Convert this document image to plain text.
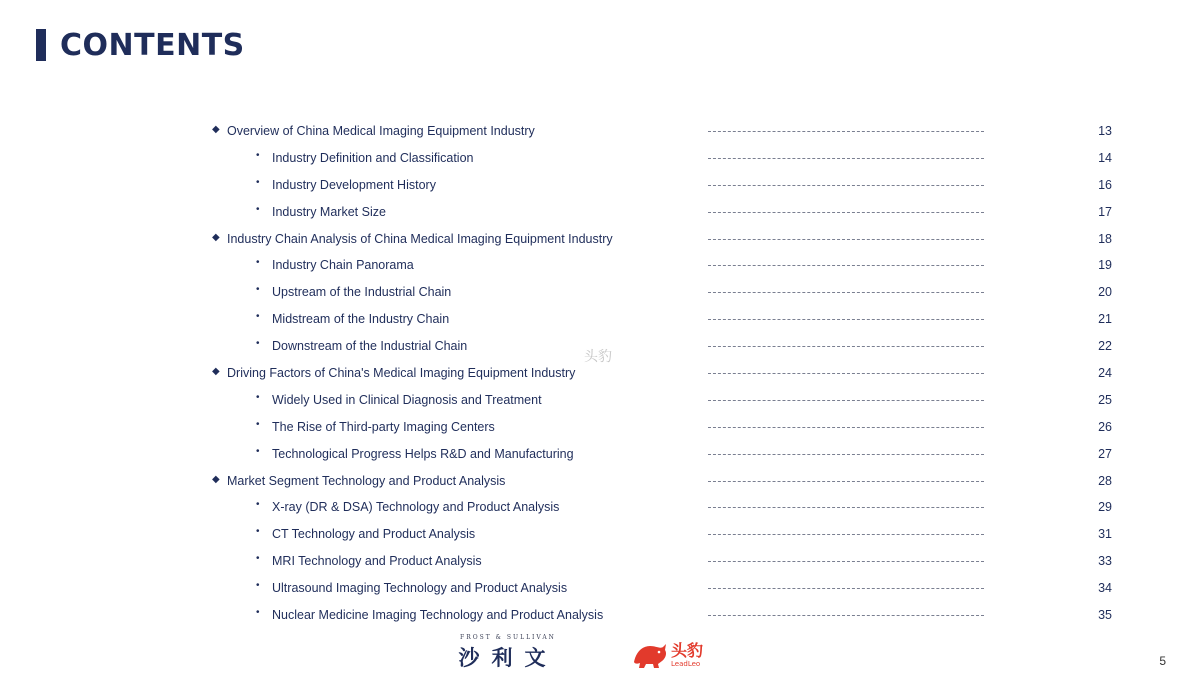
CONTENTS
◆ Overview of China Medical Imaging Equipment Industry	13
• Industry Definition and Classification	14
• Industry Development History	16
• Industry Market Size	17
◆ Industry Chain Analysis of China Medical Imaging Equipment Industry	18
• Industry Chain Panorama	19
• Upstream of the Industrial Chain	20
• Midstream of the Industry Chain	21
• Downstream of the Industrial Chain	22
◆ Driving Factors of China's Medical Imaging Equipment Industry	24
• Widely Used in Clinical Diagnosis and Treatment	25
• The Rise of Third-party Imaging Centers	26
• Technological Progress Helps R&D and Manufacturing	27
◆ Market Segment Technology and Product Analysis	28
• X-ray (DR & DSA) Technology and Product Analysis	29
• CT Technology and Product Analysis	31
• MRI Technology and Product Analysis	33
• Ultrasound Imaging Technology and Product Analysis	34
• Nuclear Medicine Imaging Technology and Product Analysis	35
头豹
FROST & SULLIVAN
沙利文	头豹
LeadLeo	5
